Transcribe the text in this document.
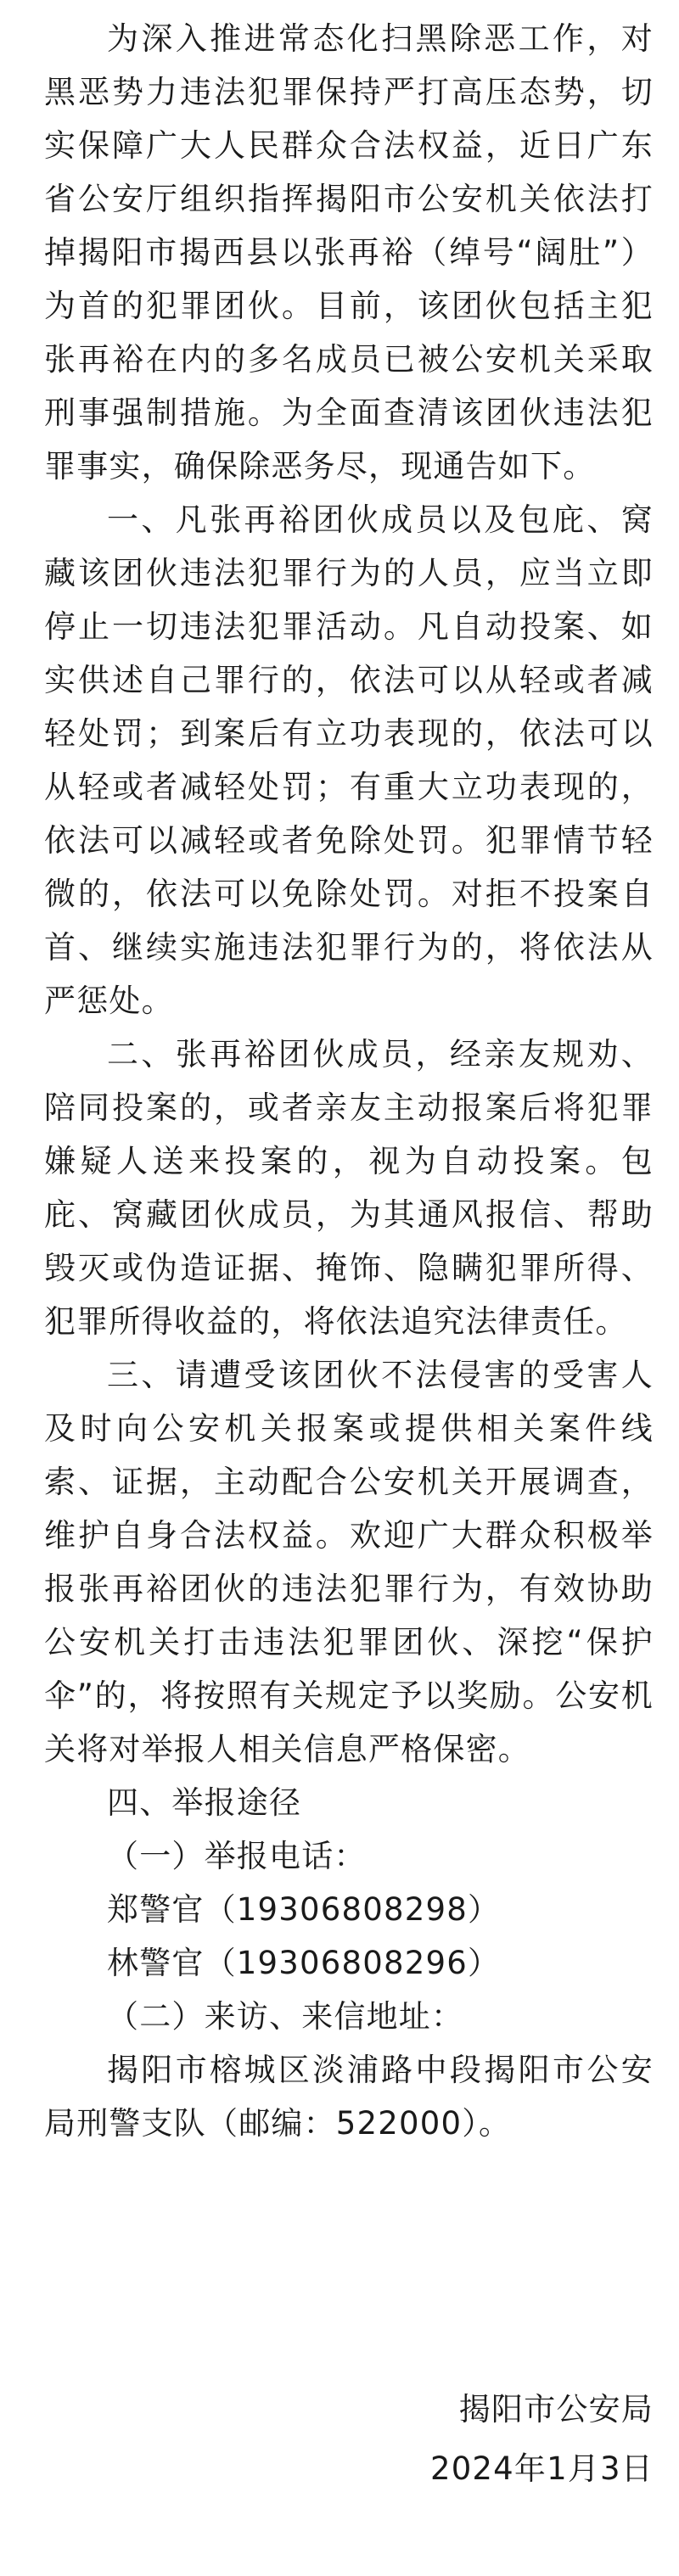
为深入推进常态化扫黑除恶工作，对黑恶势力违法犯罪保持严打高压态势，切实保障广大人民群众合法权益，近日广东省公安厅组织指挥揭阳市公安机关依法打掉揭阳市揭西县以张再裕（绰号“阔肚”）为首的犯罪团伙。目前，该团伙包括主犯张再裕在内的多名成员已被公安机关采取刑事强制措施。为全面查清该团伙违法犯罪事实，确保除恶务尽，现通告如下。

一、凡张再裕团伙成员以及包庇、窝藏该团伙违法犯罪行为的人员，应当立即停止一切违法犯罪活动。凡自动投案、如实供述自己罪行的，依法可以从轻或者减轻处罚；到案后有立功表现的，依法可以从轻或者减轻处罚；有重大立功表现的，依法可以减轻或者免除处罚。犯罪情节轻微的，依法可以免除处罚。对拒不投案自首、继续实施违法犯罪行为的，将依法从严惩处。

二、张再裕团伙成员，经亲友规劝、陪同投案的，或者亲友主动报案后将犯罪嫌疑人送来投案的，视为自动投案。包庇、窝藏团伙成员，为其通风报信、帮助毁灭或伪造证据、掩饰、隐瞒犯罪所得、犯罪所得收益的，将依法追究法律责任。

三、请遭受该团伙不法侵害的受害人及时向公安机关报案或提供相关案件线索、证据，主动配合公安机关开展调查，维护自身合法权益。欢迎广大群众积极举报张再裕团伙的违法犯罪行为，有效协助公安机关打击违法犯罪团伙、深挖“保护伞”的，将按照有关规定予以奖励。公安机关将对举报人相关信息严格保密。

四、举报途径

（一）举报电话：

郑警官（19306808298）

林警官（19306808296）

（二）来访、来信地址：

揭阳市榕城区淡浦路中段揭阳市公安局刑警支队（邮编：522000）。

揭阳市公安局
2024年1月3日
